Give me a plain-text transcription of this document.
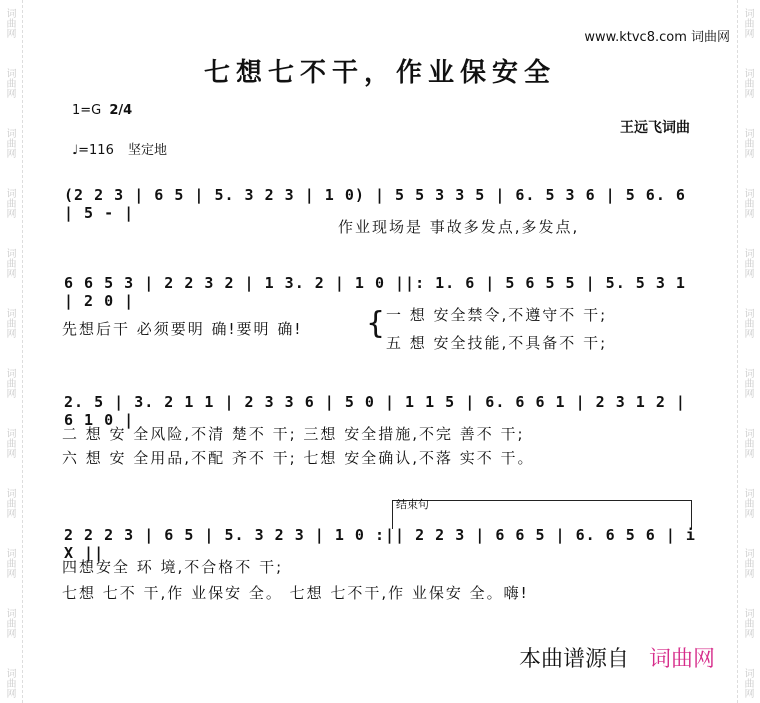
词曲网
词曲网
词曲网
词曲网
词曲网
词曲网
词曲网
词曲网
词曲网
词曲网
词曲网
词曲网
词曲网
词曲网
词曲网
词曲网
词曲网
词曲网
词曲网
词曲网
词曲网
词曲网
词曲网
词曲网
www.ktvc8.com 词曲网
七想七不干，作业保安全
1=G 2/4
王远飞词曲
♩=116 坚定地
(2 2 3 | 6 5 | 5. 3 2 3 | 1 0) | 5 5 3 3 5 | 6. 5 3 6 | 5 6. 6 | 5 - |
作业现场是 事故多发点,多发点,
6 6 5 3 | 2 2 3 2 | 1 3. 2 | 1 0 ||: 1. 6 | 5 6 5 5 | 5. 5 3 1 | 2 0 |
先想后干 必须要明 确!要明 确! { 一 想 安全禁令,不遵守不 干;
五 想 安全技能,不具备不 干;
2. 5 | 3. 2 1 1 | 2 3 3 6 | 5 0 | 1 1 5 | 6. 6 6 1 | 2 3 1 2 | 6 1 0 |
二 想 安 全风险,不清 楚不 干; 三想 安全措施,不完 善不 干;
六 想 安 全用品,不配 齐不 干; 七想 安全确认,不落 实不 干。
结束句
2 2 2 3 | 6 5 | 5. 3 2 3 | 1 0 :|| 2 2 3 | 6 6 5 | 6. 6 5 6 | i X ||
四想安全 环 境,不合格不 干;
七想 七不 干,作 业保安 全。 七想 七不干,作 业保安 全。嗨!
本曲谱源自 词曲网
